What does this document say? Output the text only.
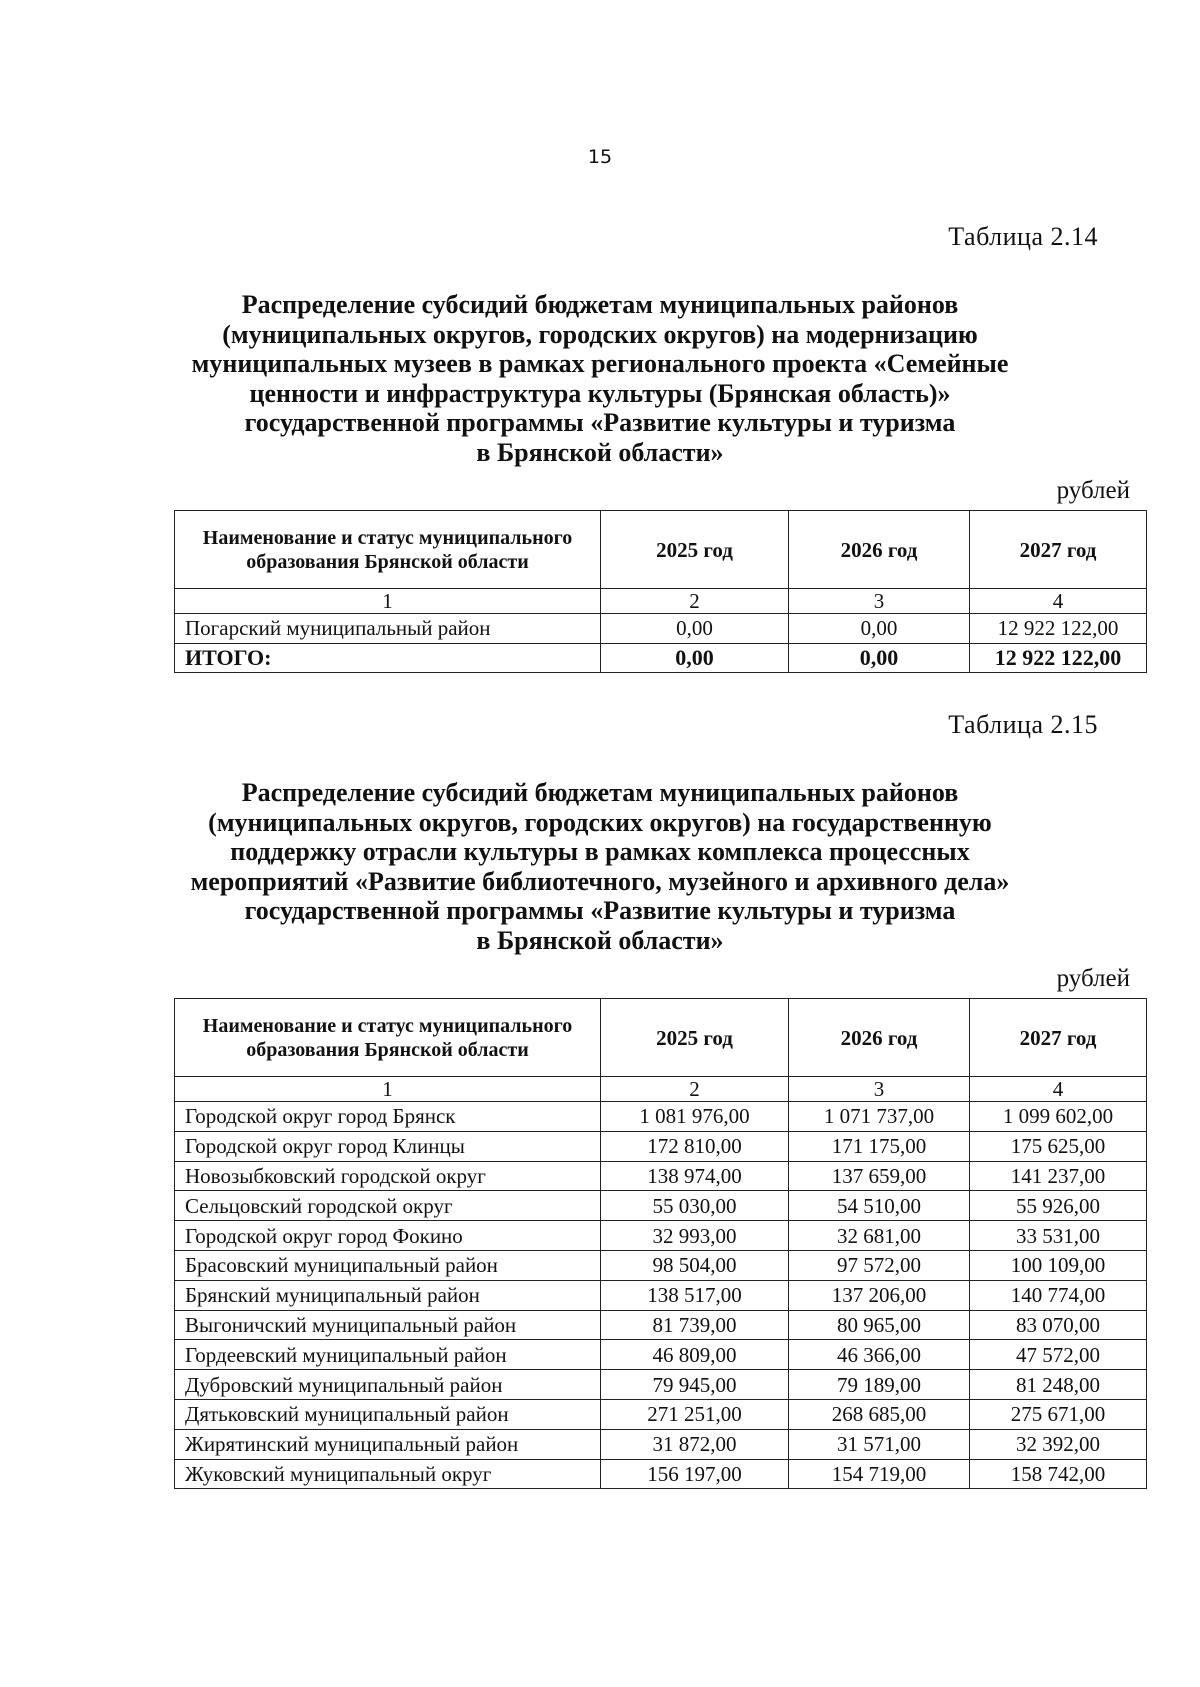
15
Таблица 2.14
Распределение субсидий бюджетам муниципальных районов
(муниципальных округов, городских округов) на модернизацию
муниципальных музеев в рамках регионального проекта «Семейные
ценности и инфраструктура культуры (Брянская область)»
государственной программы «Развитие культуры и туризма
в Брянской области»
рублей
Наименование и статус муниципального образования Брянской области	2025 год	2026 год	2027 год
1	2	3	4
Погарский муниципальный район	0,00	0,00	12 922 122,00
ИТОГО:	0,00	0,00	12 922 122,00
Таблица 2.15
Распределение субсидий бюджетам муниципальных районов
(муниципальных округов, городских округов) на государственную
поддержку отрасли культуры в рамках комплекса процессных
мероприятий «Развитие библиотечного, музейного и архивного дела»
государственной программы «Развитие культуры и туризма
в Брянской области»
рублей
Наименование и статус муниципального образования Брянской области	2025 год	2026 год	2027 год
1	2	3	4
Городской округ город Брянск	1 081 976,00	1 071 737,00	1 099 602,00
Городской округ город Клинцы	172 810,00	171 175,00	175 625,00
Новозыбковский городской округ	138 974,00	137 659,00	141 237,00
Сельцовский городской округ	55 030,00	54 510,00	55 926,00
Городской округ город Фокино	32 993,00	32 681,00	33 531,00
Брасовский муниципальный район	98 504,00	97 572,00	100 109,00
Брянский муниципальный район	138 517,00	137 206,00	140 774,00
Выгоничский муниципальный район	81 739,00	80 965,00	83 070,00
Гордеевский муниципальный район	46 809,00	46 366,00	47 572,00
Дубровский муниципальный район	79 945,00	79 189,00	81 248,00
Дятьковский муниципальный район	271 251,00	268 685,00	275 671,00
Жирятинский муниципальный район	31 872,00	31 571,00	32 392,00
Жуковский муниципальный округ	156 197,00	154 719,00	158 742,00
